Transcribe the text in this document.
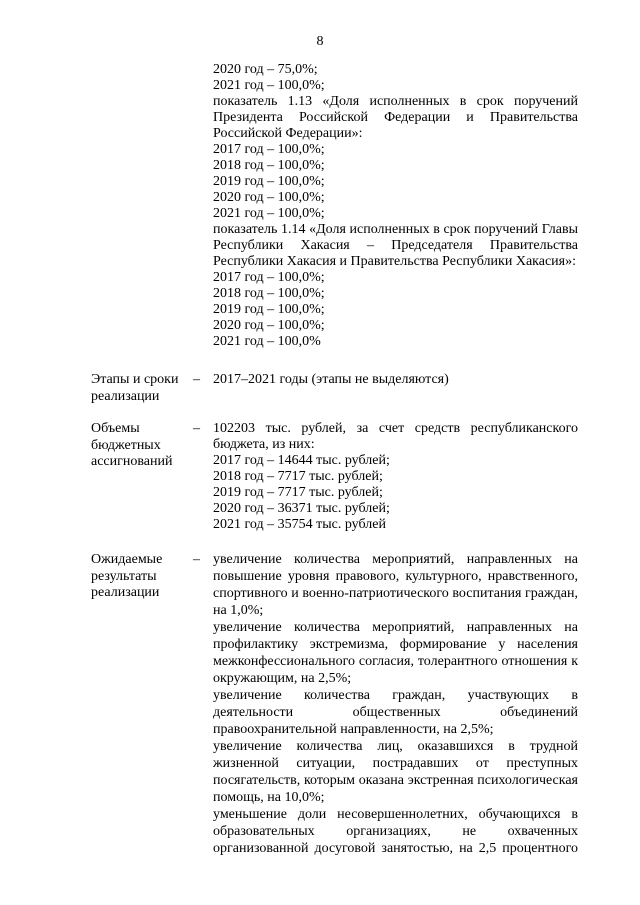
8
2020 год – 75,0%;
2021 год – 100,0%;
показатель 1.13 «Доля исполненных в срок поручений
Президента Российской Федерации и Правительства
Российской Федерации»:
2017 год – 100,0%;
2018 год – 100,0%;
2019 год – 100,0%;
2020 год – 100,0%;
2021 год – 100,0%;
показатель 1.14 «Доля исполненных в срок поручений Главы
Республики Хакасия – Председателя Правительства
Республики Хакасия и Правительства Республики Хакасия»:
2017 год – 100,0%;
2018 год – 100,0%;
2019 год – 100,0%;
2020 год – 100,0%;
2021 год – 100,0%
Этапы и сроки
реализации
– 2017–2021 годы (этапы не выделяются)
Объемы
бюджетных
ассигнований
– 102203 тыс. рублей, за счет средств республиканского
бюджета, из них:
2017 год – 14644 тыс. рублей;
2018 год – 7717 тыс. рублей;
2019 год – 7717 тыс. рублей;
2020 год – 36371 тыс. рублей;
2021 год – 35754 тыс. рублей
Ожидаемые
результаты
реализации
– увеличение количества мероприятий, направленных на
повышение уровня правового, культурного, нравственного,
спортивного и военно-патриотического воспитания граждан,
на 1,0%;
увеличение количества мероприятий, направленных на
профилактику экстремизма, формирование у населения
межконфессионального согласия, толерантного отношения к
окружающим, на 2,5%;
увеличение количества граждан, участвующих в
деятельности общественных объединений
правоохранительной направленности, на 2,5%;
увеличение количества лиц, оказавшихся в трудной
жизненной ситуации, пострадавших от преступных
посягательств, которым оказана экстренная психологическая
помощь, на 10,0%;
уменьшение доли несовершеннолетних, обучающихся в
образовательных организациях, не охваченных
организованной досуговой занятостью, на 2,5 процентного
